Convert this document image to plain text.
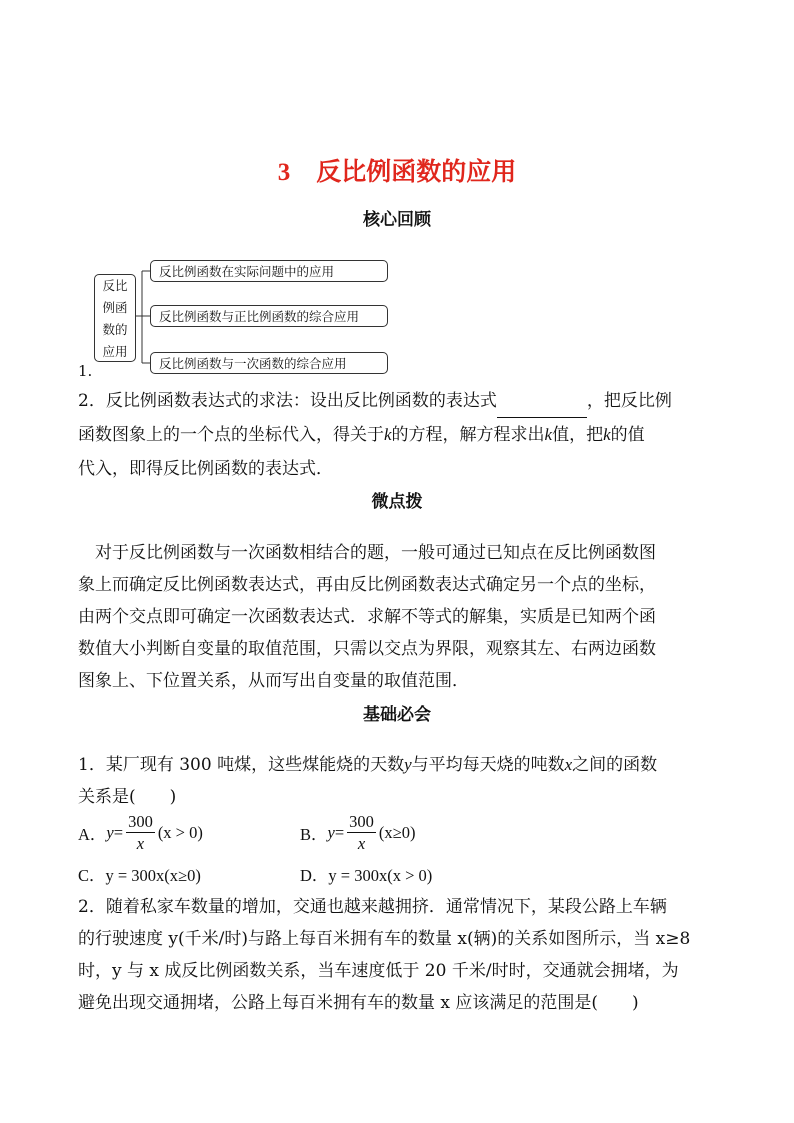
3 反比例函数的应用
核心回顾
反比
例函
数的
应用
反比例函数在实际问题中的应用
反比例函数与正比例函数的综合应用
反比例函数与一次函数的综合应用
1.
2．反比例函数表达式的求法：设出反比例函数的表达式	，把反比例
函数图象上的一个点的坐标代入，得关于k的方程，解方程求出k值，把k的值
代入，即得反比例函数的表达式．
微点拨
对于反比例函数与一次函数相结合的题，一般可通过已知点在反比例函数图
象上而确定反比例函数表达式，再由反比例函数表达式确定另一个点的坐标，
由两个交点即可确定一次函数表达式．求解不等式的解集，实质是已知两个函
数值大小判断自变量的取值范围，只需以交点为界限，观察其左、右两边函数
图象上、下位置关系，从而写出自变量的取值范围．
基础必会
1．某厂现有 300 吨煤，这些煤能烧的天数y与平均每天烧的吨数x之间的函数
关系是(　　)
A． $y = \frac{300}{x} (x > 0)$	B． $y = \frac{300}{x} (x\ge 0)$
C．y = 300x(x≥0)	D．y = 300x(x > 0)
2．随着私家车数量的增加，交通也越来越拥挤．通常情况下，某段公路上车辆
的行驶速度 y(千米/时)与路上每百米拥有车的数量 x(辆)的关系如图所示，当 x≥8
时，y 与 x 成反比例函数关系，当车速度低于 20 千米/时时，交通就会拥堵，为
避免出现交通拥堵，公路上每百米拥有车的数量 x 应该满足的范围是(　　)
